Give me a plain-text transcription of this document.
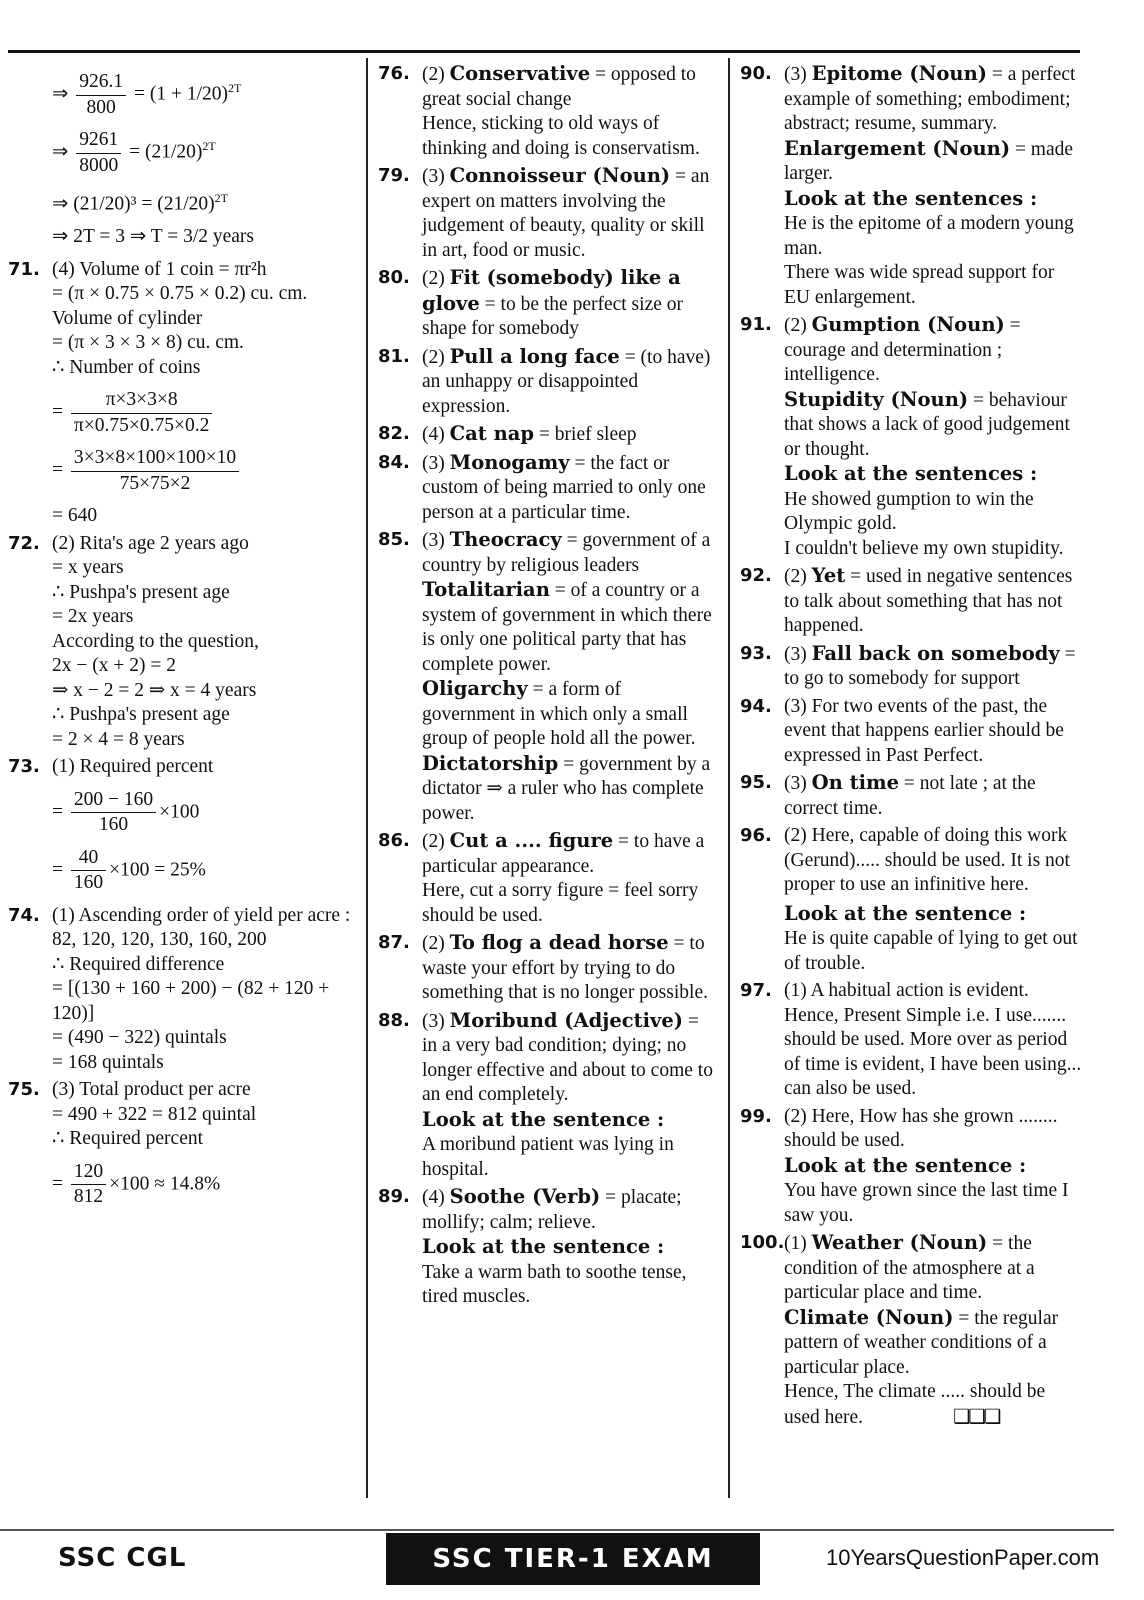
⇒ $\frac{926.1}{800} = (1 + 1/20)^{2T}$
⇒ $\frac{9261}{8000} = (21/20)^{2T}$
⇒ $(21/20)^3 = (21/20)^{2T}$
⇒ 2T = 3 ⇒ T = 3/2 years
71. (4) Volume of 1 coin = πr²h

= (π × 0.75 × 0.75 × 0.2) cu. cm.

Volume of cylinder

= (π × 3 × 3 × 8) cu. cm.

∴ Number of coins

= $\frac{\pi\times 3\times 3\times 8}{\pi\times 0.75\times 0.75\times 0.2}$
= $\frac{3\times 3\times 8\times 100\times 100\times 10}{75\times 75\times 2}$

= 640

72. (2) Rita's age 2 years ago

= x years

∴ Pushpa's present age

= 2x years

According to the question,

2x − (x + 2) = 2

⇒ x − 2 = 2 ⇒ x = 4 years

∴ Pushpa's present age

= 2 × 4 = 8 years

73. (1) Required percent

= $\frac{200 - 160}{160} \times 100$
= $\frac{40}{160} \times 100 = 25\%$
74. (1) Ascending order of yield per acre :

82, 120, 120, 130, 160, 200

∴ Required difference

= [(130 + 160 + 200) − (82 + 120 + 120)]

= (490 − 322) quintals

= 168 quintals

75. (3) Total product per acre

= 490 + 322 = 812 quintal

∴ Required percent

= $\frac{120}{812} \times 100 \approx 14.8\%$
76. (2) Conservative = opposed to great social change

Hence, sticking to old ways of thinking and doing is conservatism.

79. (3) Connoisseur (Noun) = an expert on matters involving the judgement of beauty, quality or skill in art, food or music.

80. (2) Fit (somebody) like a glove = to be the perfect size or shape for somebody

81. (2) Pull a long face = (to have) an unhappy or disappointed expression.

82. (4) Cat nap = brief sleep

84. (3) Monogamy = the fact or custom of being married to only one person at a particular time.

85. (3) Theocracy = government of a country by religious leaders

Totalitarian = of a country or a system of government in which there is only one political party that has complete power.

Oligarchy = a form of government in which only a small group of people hold all the power.

Dictatorship = government by a dictator ⇒ a ruler who has complete power.

86. (2) Cut a .... figure = to have a particular appearance.

Here, cut a sorry figure = feel sorry should be used.

87. (2) To flog a dead horse = to waste your effort by trying to do something that is no longer possible.

88. (3) Moribund (Adjective) = in a very bad condition; dying; no longer effective and about to come to an end completely.

Look at the sentence :

A moribund patient was lying in hospital.

89. (4) Soothe (Verb) = placate; mollify; calm; relieve.

Look at the sentence :

Take a warm bath to soothe tense, tired muscles.

90. (3) Epitome (Noun) = a perfect example of something; embodiment; abstract; resume, summary.

Enlargement (Noun) = made larger.

Look at the sentences :

He is the epitome of a modern young man.

There was wide spread support for EU enlargement.

91. (2) Gumption (Noun) = courage and determination ; intelligence.

Stupidity (Noun) = behaviour that shows a lack of good judgement or thought.

Look at the sentences :

He showed gumption to win the Olympic gold.

I couldn't believe my own stupidity.

92. (2) Yet = used in negative sentences to talk about something that has not happened.

93. (3) Fall back on somebody = to go to somebody for support

94. (3) For two events of the past, the event that happens earlier should be expressed in Past Perfect.

95. (3) On time = not late ; at the correct time.

96. (2) Here, capable of doing this work (Gerund)..... should be used. It is not proper to use an infinitive here.

Look at the sentence :

He is quite capable of lying to get out of trouble.

97. (1) A habitual action is evident. Hence, Present Simple i.e. I use....... should be used. More over as period of time is evident, I have been using... can also be used.

99. (2) Here, How has she grown ........ should be used.

Look at the sentence :

You have grown since the last time I saw you.

100. (1) Weather (Noun) = the condition of the atmosphere at a particular place and time.

Climate (Noun) = the regular pattern of weather conditions of a particular place.

Hence, The climate ..... should be used here.	❑❑❑

SSC CGL	SSC TIER-1 EXAM	10YearsQuestionPaper.com
